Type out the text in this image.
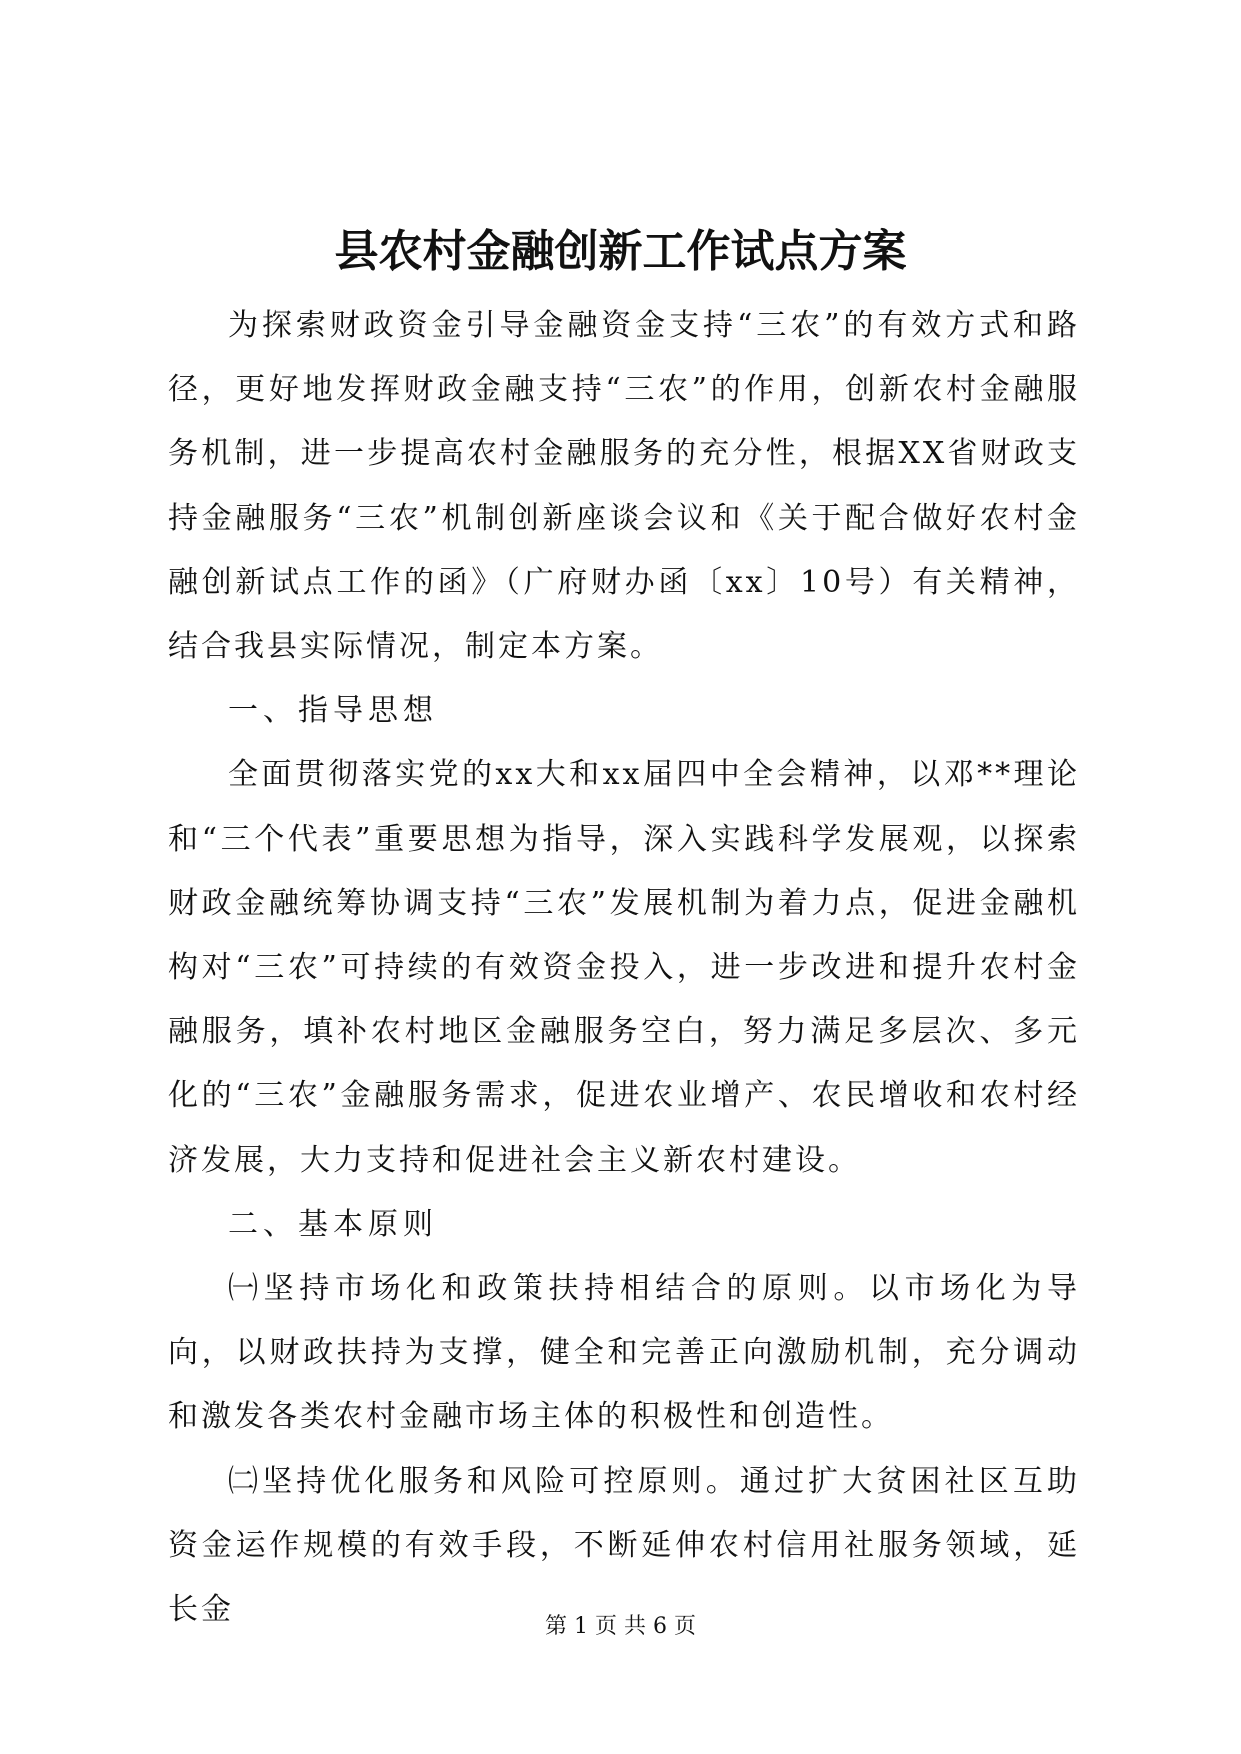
县农村金融创新工作试点方案

为探索财政资金引导金融资金支持“三农”的有效方式和路径，更好地发挥财政金融支持“三农”的作用，创新农村金融服务机制，进一步提高农村金融服务的充分性，根据XX省财政支持金融服务“三农”机制创新座谈会议和《关于配合做好农村金融创新试点工作的函》（广府财办函〔xx〕10号）有关精神，结合我县实际情况，制定本方案。

一、指导思想

全面贯彻落实党的xx大和xx届四中全会精神，以邓**理论和“三个代表”重要思想为指导，深入实践科学发展观，以探索财政金融统筹协调支持“三农”发展机制为着力点，促进金融机构对“三农”可持续的有效资金投入，进一步改进和提升农村金融服务，填补农村地区金融服务空白，努力满足多层次、多元化的“三农”金融服务需求，促进农业增产、农民增收和农村经济发展，大力支持和促进社会主义新农村建设。

二、基本原则

㈠坚持市场化和政策扶持相结合的原则。以市场化为导向，以财政扶持为支撑，健全和完善正向激励机制，充分调动和激发各类农村金融市场主体的积极性和创造性。

㈡坚持优化服务和风险可控原则。通过扩大贫困社区互助资金运作规模的有效手段，不断延伸农村信用社服务领域，延长金	第 1 页 共 6 页
